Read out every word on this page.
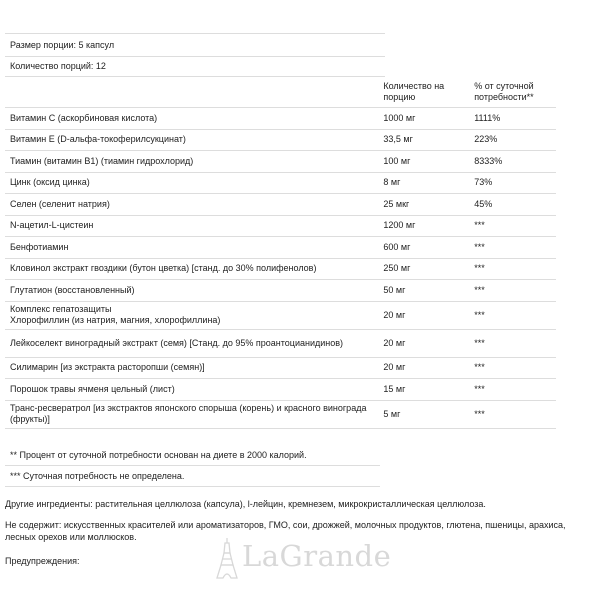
Размер порции: 5 капсул
Количество порций: 12
	Количество на порцию	% от суточной потребности**
Витамин С (аскорбиновая кислота)	1000 мг	1111%
Витамин Е (D-альфа-токоферилсукцинат)	33,5 мг	223%
Тиамин (витамин В1) (тиамин гидрохлорид)	100 мг	8333%
Цинк (оксид цинка)	8 мг	73%
Селен (селенит натрия)	25 мкг	45%
N-ацетил-L-цистеин	1200 мг	***
Бенфотиамин	600 мг	***
Кловинол экстракт гвоздики (бутон цветка) [станд. до 30% полифенолов)	250 мг	***
Глутатион (восстановленный)	50 мг	***
Комплекс гепатозащиты
Хлорофиллин (из натрия, магния, хлорофиллина)	20 мг	***
Лейкоселект виноградный экстракт (семя) [Станд. до 95% проантоцианидинов)	20 мг	***
Силимарин [из экстракта расторопши (семян)]	20 мг	***
Порошок травы ячменя цельный (лист)	15 мг	***
Транс-ресвератрол [из экстрактов японского спорыша (корень) и красного винограда (фрукты)]	5 мг	***
** Процент от суточной потребности основан на диете в 2000 калорий.
*** Суточная потребность не определена.
Другие ингредиенты: растительная целлюлоза (капсула), l-лейцин, кремнезем, микрокристаллическая целлюлоза.
Не содержит: искусственных красителей или ароматизаторов, ГМО, сои, дрожжей, молочных продуктов, глютена, пшеницы, арахиса, лесных орехов или моллюсков.
Предупреждения:	LaGrande
